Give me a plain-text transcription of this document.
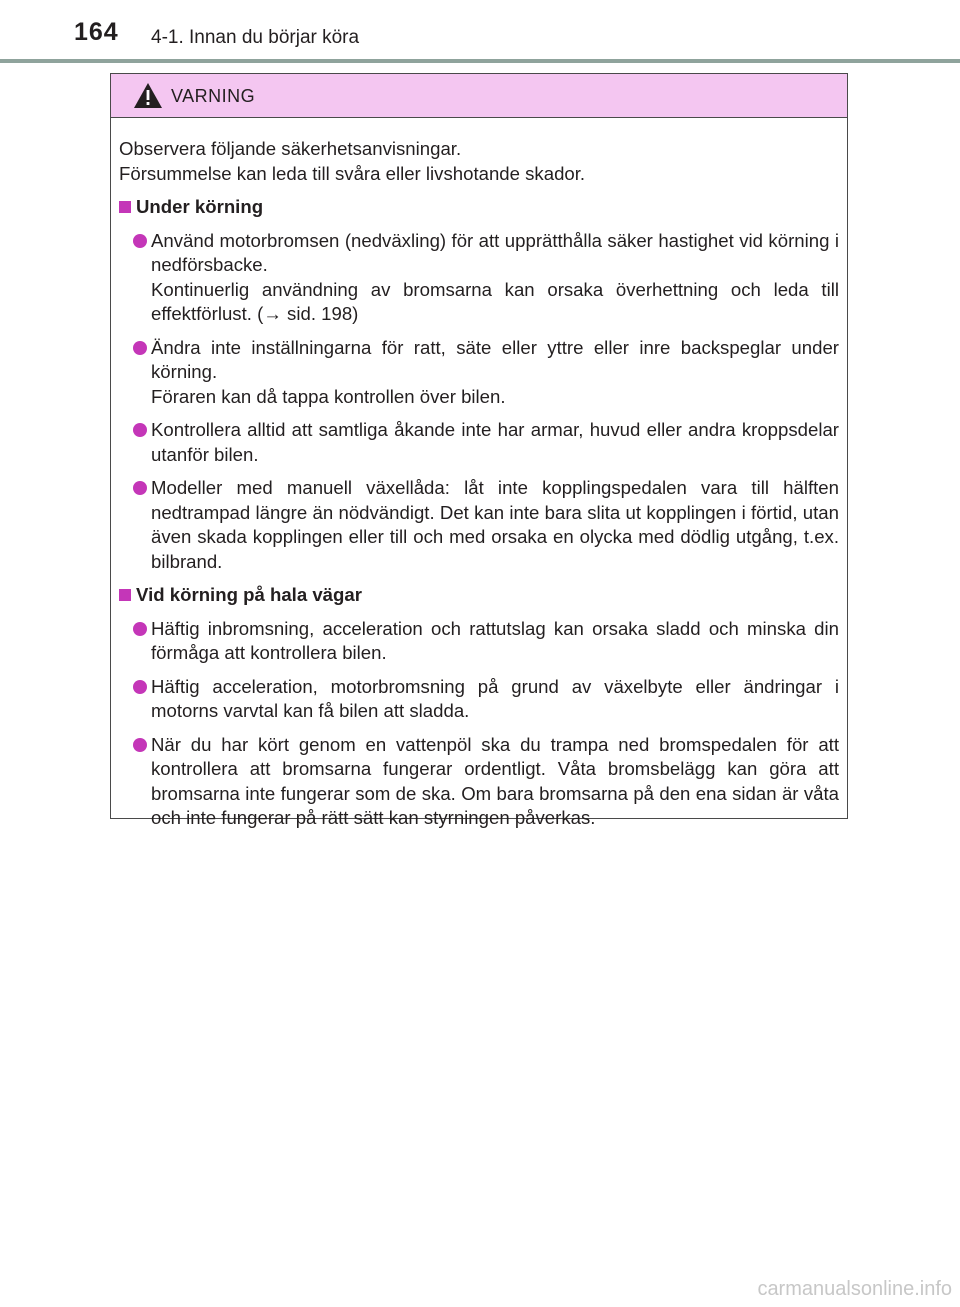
164 4-1. Innan du börjar köra
VARNING

Observera följande säkerhetsanvisningar.

Försummelse kan leda till svåra eller livshotande skador.

Under körning

Använd motorbromsen (nedväxling) för att upprätthålla säker hastighet vid körning i nedförsbacke.

Kontinuerlig användning av bromsarna kan orsaka överhettning och leda till effektförlust. (→ sid. 198)

Ändra inte inställningarna för ratt, säte eller yttre eller inre backspeglar under körning.

Föraren kan då tappa kontrollen över bilen.

Kontrollera alltid att samtliga åkande inte har armar, huvud eller andra kroppsdelar utanför bilen.

Modeller med manuell växellåda: låt inte kopplingspedalen vara till hälften nedtrampad längre än nödvändigt. Det kan inte bara slita ut kopplingen i förtid, utan även skada kopplingen eller till och med orsaka en olycka med dödlig utgång, t.ex. bilbrand.

Vid körning på hala vägar

Häftig inbromsning, acceleration och rattutslag kan orsaka sladd och minska din förmåga att kontrollera bilen.

Häftig acceleration, motorbromsning på grund av växelbyte eller ändringar i motorns varvtal kan få bilen att sladda.

När du har kört genom en vattenpöl ska du trampa ned bromspedalen för att kontrollera att bromsarna fungerar ordentligt. Våta bromsbelägg kan göra att bromsarna inte fungerar som de ska. Om bara bromsarna på den ena sidan är våta och inte fungerar på rätt sätt kan styrningen påverkas.

carmanualsonline.info
